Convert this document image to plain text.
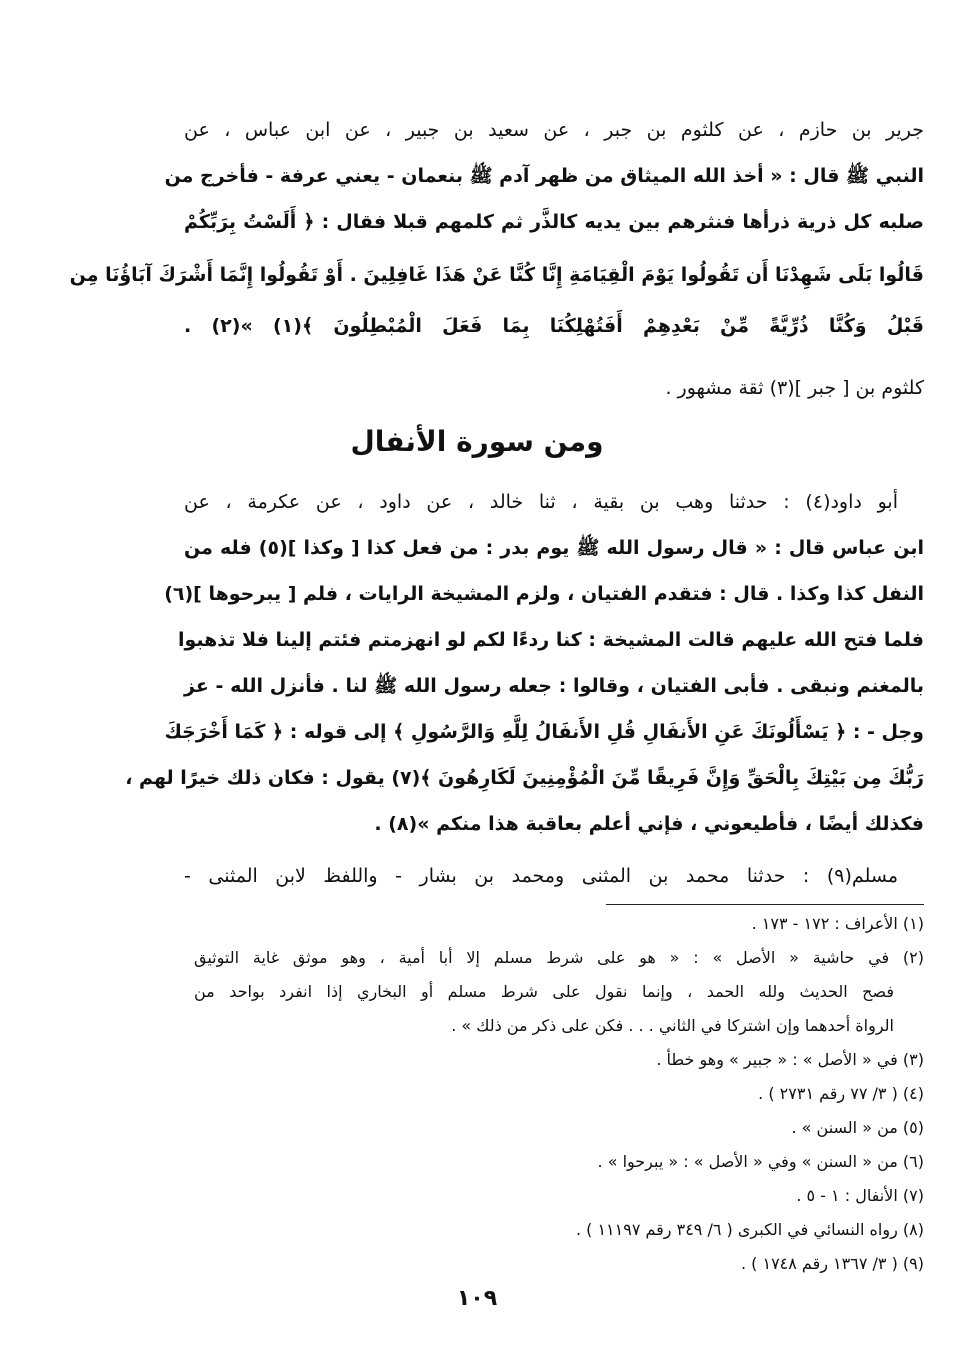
جرير بن حازم ، عن كلثوم بن جبر ، عن سعيد بن جبير ، عن ابن عباس ، عن
النبي ﷺ قال : « أخذ الله الميثاق من ظهر آدم ﷺ بنعمان - يعني عرفة - فأخرج من
صلبه كل ذرية ذرأها فنثرهم بين يديه كالذَّر ثم كلمهم قبلا فقال : ﴿ أَلَسْتُ بِرَبِّكُمْ
قَالُوا بَلَى شَهِدْنَا أَن تَقُولُوا يَوْمَ الْقِيَامَةِ إِنَّا كُنَّا عَنْ هَذَا غَافِلِينَ . أَوْ تَقُولُوا إِنَّمَا أَشْرَكَ آبَاؤُنَا مِن
قَبْلُ وَكُنَّا ذُرِّيَّةً مِّنْ بَعْدِهِمْ أَفَتُهْلِكُنَا بِمَا فَعَلَ الْمُبْطِلُونَ ﴾(١) »(٢) .
كلثوم بن [ جبر ](٣) ثقة مشهور .
ومن سورة الأنفال
أبو داود(٤) : حدثنا وهب بن بقية ، ثنا خالد ، عن داود ، عن عكرمة ، عن
ابن عباس قال : « قال رسول الله ﷺ يوم بدر : من فعل كذا [ وكذا ](٥) فله من
النفل كذا وكذا . قال : فتقدم الفتيان ، ولزم المشيخة الرايات ، فلم [ يبرحوها ](٦)
فلما فتح الله عليهم قالت المشيخة : كنا ردءًا لكم لو انهزمتم فئتم إلينا فلا تذهبوا
بالمغنم ونبقى . فأبى الفتيان ، وقالوا : جعله رسول الله ﷺ لنا . فأنزل الله - عز
وجل - : ﴿ يَسْأَلُونَكَ عَنِ الأَنفَالِ قُلِ الأَنفَالُ لِلَّهِ وَالرَّسُولِ ﴾ إلى قوله : ﴿ كَمَا أَخْرَجَكَ
رَبُّكَ مِن بَيْتِكَ بِالْحَقِّ وَإِنَّ فَرِيقًا مِّنَ الْمُؤْمِنِينَ لَكَارِهُونَ ﴾(٧) يقول : فكان ذلك خيرًا لهم ،
فكذلك أيضًا ، فأطيعوني ، فإني أعلم بعاقبة هذا منكم »(٨) .
مسلم(٩) : حدثنا محمد بن المثنى ومحمد بن بشار - واللفظ لابن المثنى -
(١) الأعراف : ١٧٢ - ١٧٣ .
(٢) في حاشية « الأصل » : « هو على شرط مسلم إلا أبا أمية ، وهو موثق غاية التوثيق
فصح الحديث ولله الحمد ، وإنما نقول على شرط مسلم أو البخاري إذا انفرد بواحد من
الرواة أحدهما وإن اشتركا في الثاني . . . فكن على ذكر من ذلك » .
(٣) في « الأصل » : « جبير » وهو خطأ .
(٤) ( ٣/ ٧٧ رقم ٢٧٣١ ) .
(٥) من « السنن » .
(٦) من « السنن » وفي « الأصل » : « يبرحوا » .
(٧) الأنفال : ١ - ٥ .
(٨) رواه النسائي في الكبرى ( ٦/ ٣٤٩ رقم ١١١٩٧ ) .
(٩) ( ٣/ ١٣٦٧ رقم ١٧٤٨ ) .
١٠٩
